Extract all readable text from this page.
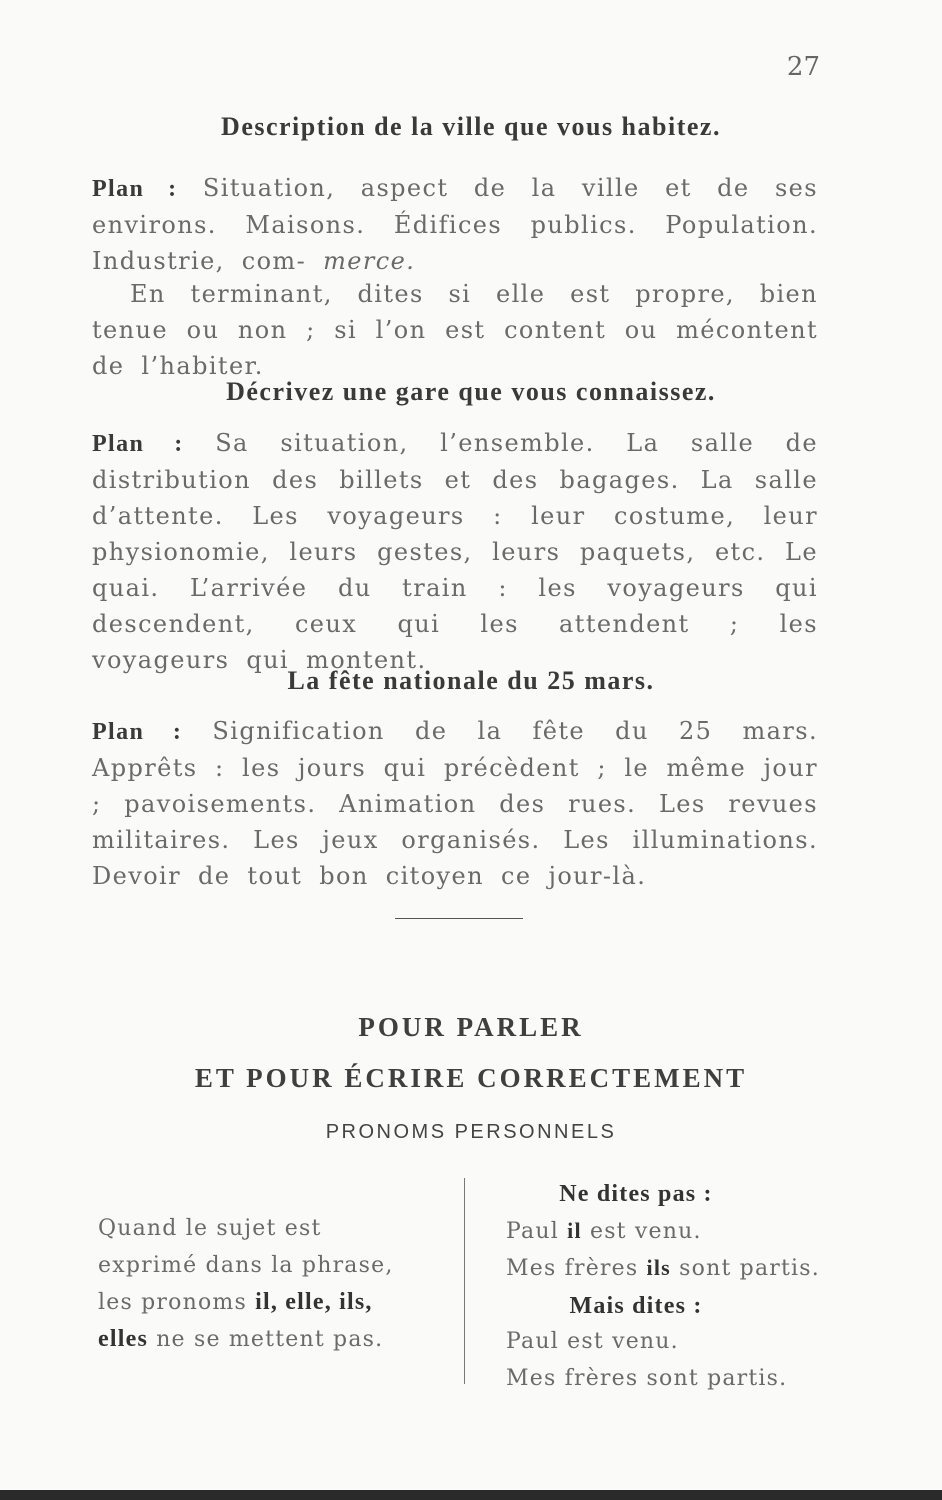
27
Description de la ville que vous habitez.
Plan : Situation, aspect de la ville et de ses environs. Maisons. Édifices publics. Population. Industrie, com- merce.
En terminant, dites si elle est propre, bien tenue ou non ; si l’on est content ou mécontent de l’habiter.
Décrivez une gare que vous connaissez.
Plan : Sa situation, l’ensemble. La salle de distribution des billets et des bagages. La salle d’attente. Les voyageurs : leur costume, leur physionomie, leurs gestes, leurs paquets, etc. Le quai. L’arrivée du train : les voyageurs qui descendent, ceux qui les attendent ; les voyageurs qui montent.
La fête nationale du 25 mars.
Plan : Signification de la fête du 25 mars. Apprêts : les jours qui précèdent ; le même jour ; pavoisements. Animation des rues. Les revues militaires. Les jeux organisés. Les illuminations. Devoir de tout bon citoyen ce jour-là.
POUR PARLER
ET POUR ÉCRIRE CORRECTEMENT
PRONOMS PERSONNELS
Quand le sujet est exprimé dans la phrase, les pronoms il, elle, ils, elles ne se mettent pas.
Ne dites pas :
Paul il est venu.
Mes frères ils sont partis.
Mais dites :
Paul est venu.
Mes frères sont partis.
